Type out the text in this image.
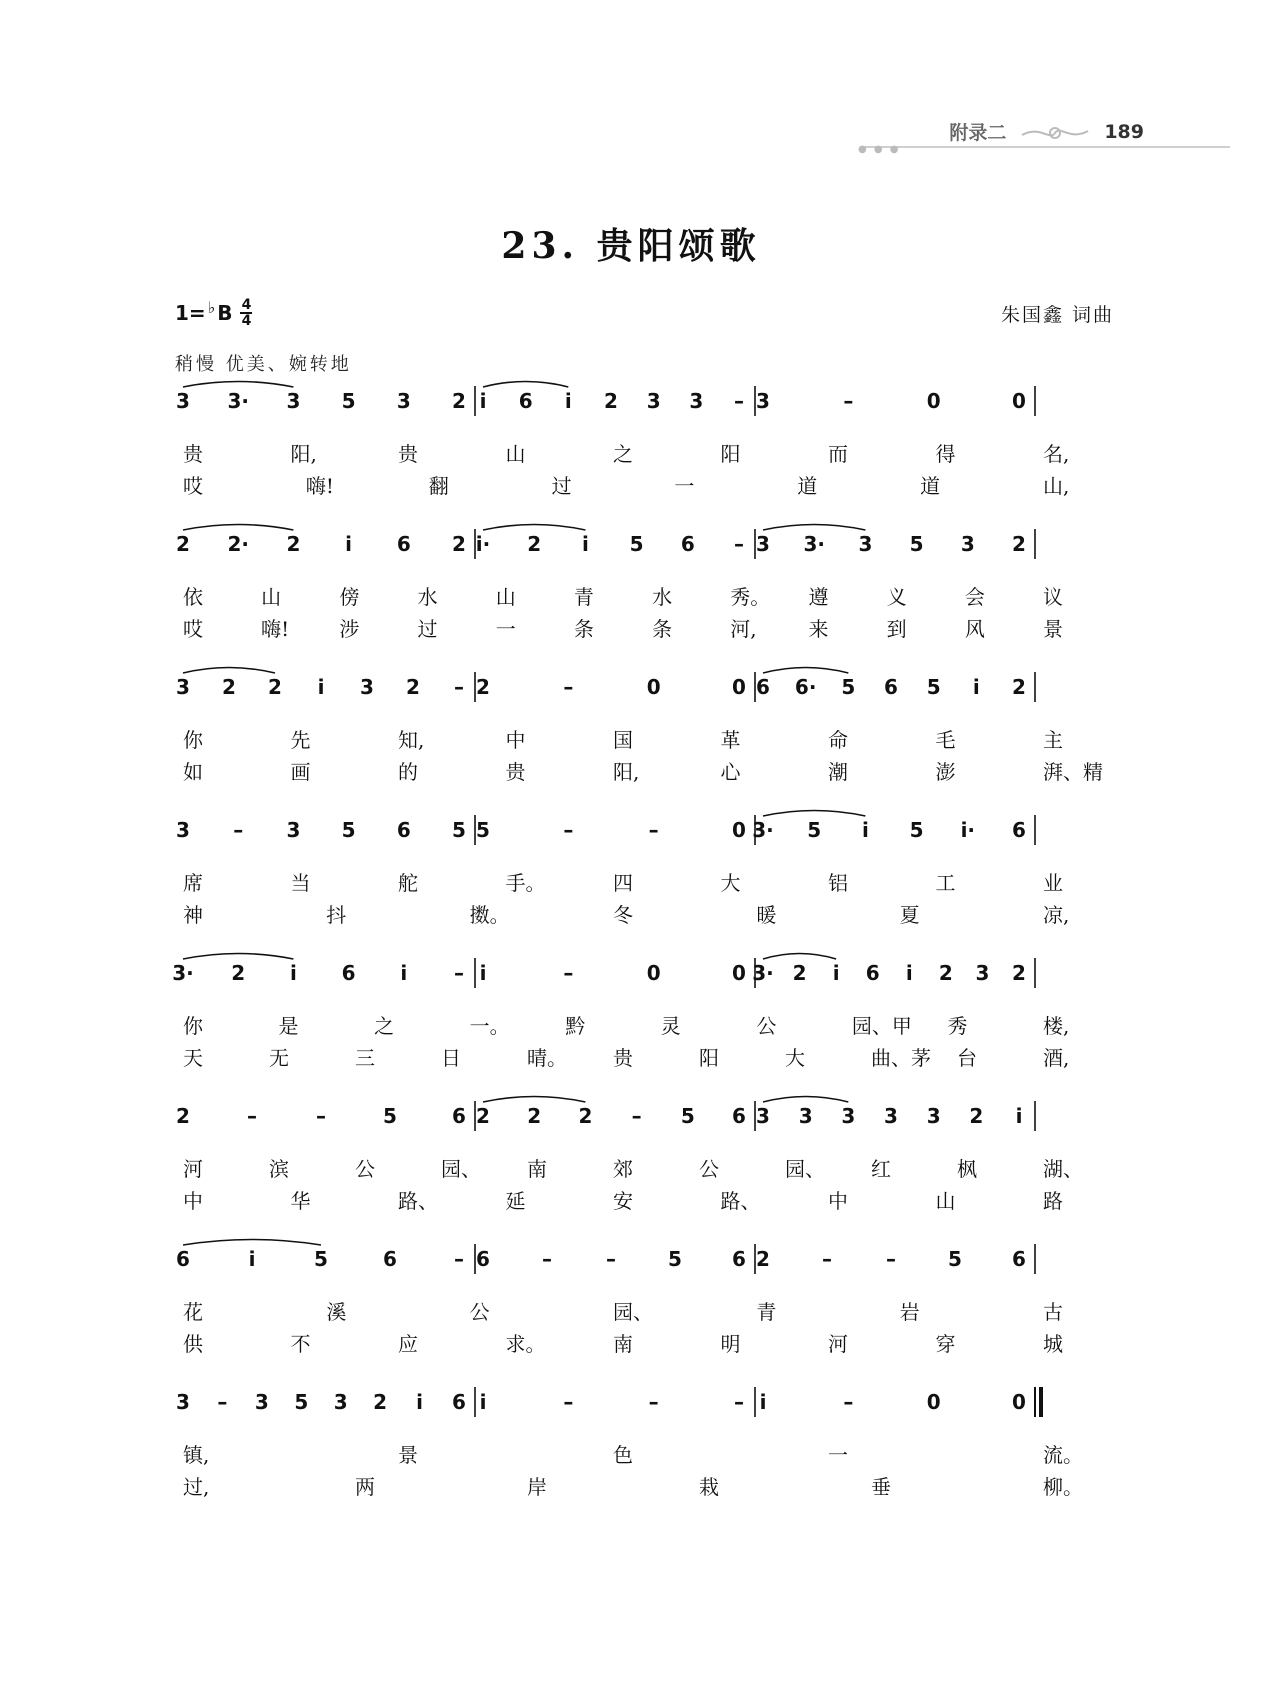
附录二	189
● ● ●
23. 贵阳颂歌
1= ♭ B 4
4	朱国鑫 词曲
稍慢 优美、婉转地
3 3· 3 5 3 2 i 6 i 2 3 3 – 3	–	0	0
贵	阳,	贵	山	之	阳	而	得	名,
哎	嗨!	翻	过	一	道	道	山,
2 2· 2 i 6 2 i· 2 i 5 6 – 3 3· 3 5 3 2
依	山	傍	水	山	青	水	秀。 遵	义	会	议
哎	嗨!	涉	过	一	条	条	河,	来	到	风	景
3 2 2 i 3 2 – 2	–	0	0 6 6· 5 6 5 i 2
你	先	知,	中	国	革	命	毛	主
如	画	的	贵	阳,	心	潮	澎	湃、精
3 – 3 5 6 5 5	–	–	0 3· 5 i 5 i· 6
席	当	舵	手。	四	大	铝	工	业
神	抖	擞。	冬	暖	夏	凉,
3· 2 i 6 i – i	–	0	0 3· 2 i 6 i 2 3 2
你	是	之	一。	黔	灵	公	园、甲 秀	楼,
天	无	三	日	晴。 贵	阳	大	曲、茅 台	酒,
2	–	–	5	6 2 2 2 – 5 6 3 3 3 3 3 2 i
河	滨	公	园、 南	郊	公	园、 红	枫	湖、
中	华	路、	延	安	路、	中	山	路
6	i	5	6	– 6	–	–	5	6 2	–	–	5	6
花	溪	公	园、	青	岩	古
供	不	应	求。	南	明	河	穿	城
3 – 3 5 3 2 i 6 i	–	–	– i	–	0	0
镇,	景	色	一	流。
过,	两	岸	栽	垂	柳。
